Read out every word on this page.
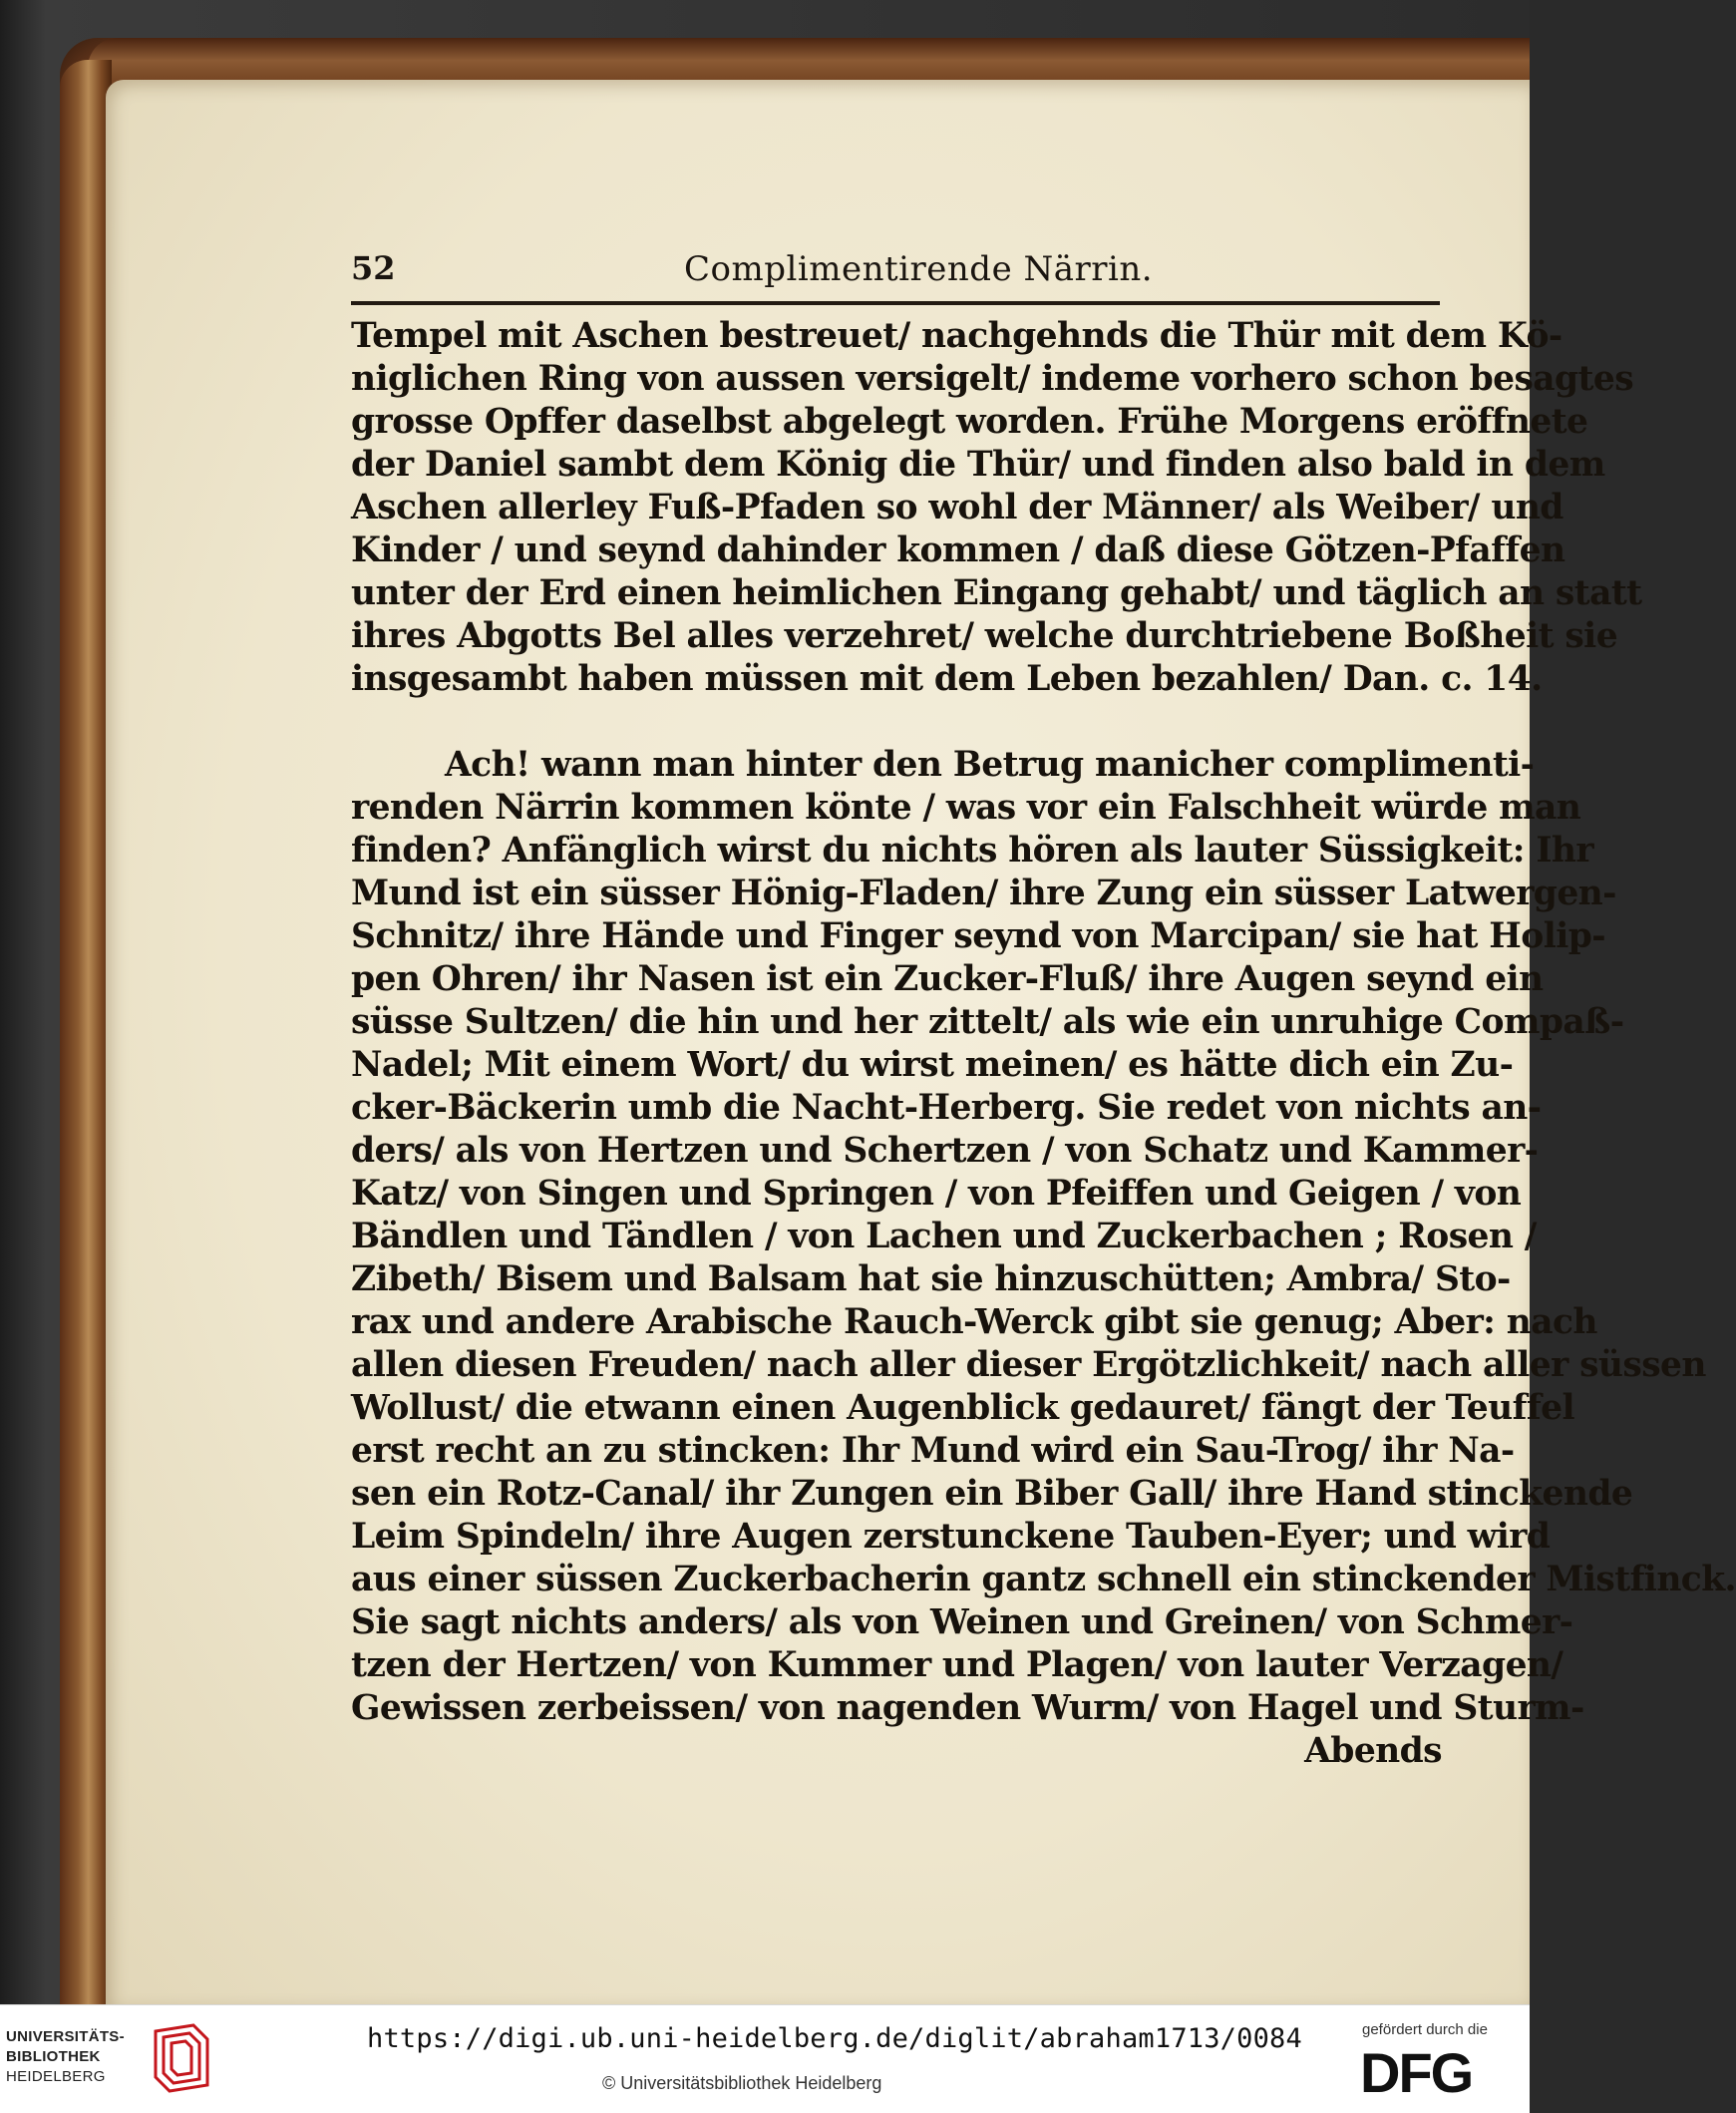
52	Complimentirende Närrin.
Tempel mit Aschen bestreuet/ nachgehnds die Thür mit dem Kö-
niglichen Ring von aussen versigelt/ indeme vorhero schon besagtes
grosse Opffer daselbst abgelegt worden. Frühe Morgens eröffnete
der Daniel sambt dem König die Thür/ und finden also bald in dem
Aschen allerley Fuß-Pfaden so wohl der Männer/ als Weiber/ und
Kinder / und seynd dahinder kommen / daß diese Götzen-Pfaffen
unter der Erd einen heimlichen Eingang gehabt/ und täglich an statt
ihres Abgotts Bel alles verzehret/ welche durchtriebene Boßheit sie
insgesambt haben müssen mit dem Leben bezahlen/ Dan. c. 14.
Ach! wann man hinter den Betrug manicher complimenti-
renden Närrin kommen könte / was vor ein Falschheit würde man
finden? Anfänglich wirst du nichts hören als lauter Süssigkeit: Ihr
Mund ist ein süsser Hönig-Fladen/ ihre Zung ein süsser Latwergen-
Schnitz/ ihre Hände und Finger seynd von Marcipan/ sie hat Holip-
pen Ohren/ ihr Nasen ist ein Zucker-Fluß/ ihre Augen seynd ein
süsse Sultzen/ die hin und her zittelt/ als wie ein unruhige Compaß-
Nadel; Mit einem Wort/ du wirst meinen/ es hätte dich ein Zu-
cker-Bäckerin umb die Nacht-Herberg. Sie redet von nichts an-
ders/ als von Hertzen und Schertzen / von Schatz und Kammer-
Katz/ von Singen und Springen / von Pfeiffen und Geigen / von
Bändlen und Tändlen / von Lachen und Zuckerbachen ; Rosen /
Zibeth/ Bisem und Balsam hat sie hinzuschütten; Ambra/ Sto-
rax und andere Arabische Rauch-Werck gibt sie genug; Aber: nach
allen diesen Freuden/ nach aller dieser Ergötzlichkeit/ nach aller süssen
Wollust/ die etwann einen Augenblick gedauret/ fängt der Teuffel
erst recht an zu stincken: Ihr Mund wird ein Sau-Trog/ ihr Na-
sen ein Rotz-Canal/ ihr Zungen ein Biber Gall/ ihre Hand stinckende
Leim Spindeln/ ihre Augen zerstunckene Tauben-Eyer; und wird
aus einer süssen Zuckerbacherin gantz schnell ein stinckender Mistfinck.
Sie sagt nichts anders/ als von Weinen und Greinen/ von Schmer-
tzen der Hertzen/ von Kummer und Plagen/ von lauter Verzagen/
Gewissen zerbeissen/ von nagenden Wurm/ von Hagel und Sturm-
Abends
UNIVERSITÄTS-
BIBLIOTHEK
HEIDELBERG
https://digi.ub.uni-heidelberg.de/diglit/abraham1713/0084
© Universitätsbibliothek Heidelberg
gefördert durch die
DFG
